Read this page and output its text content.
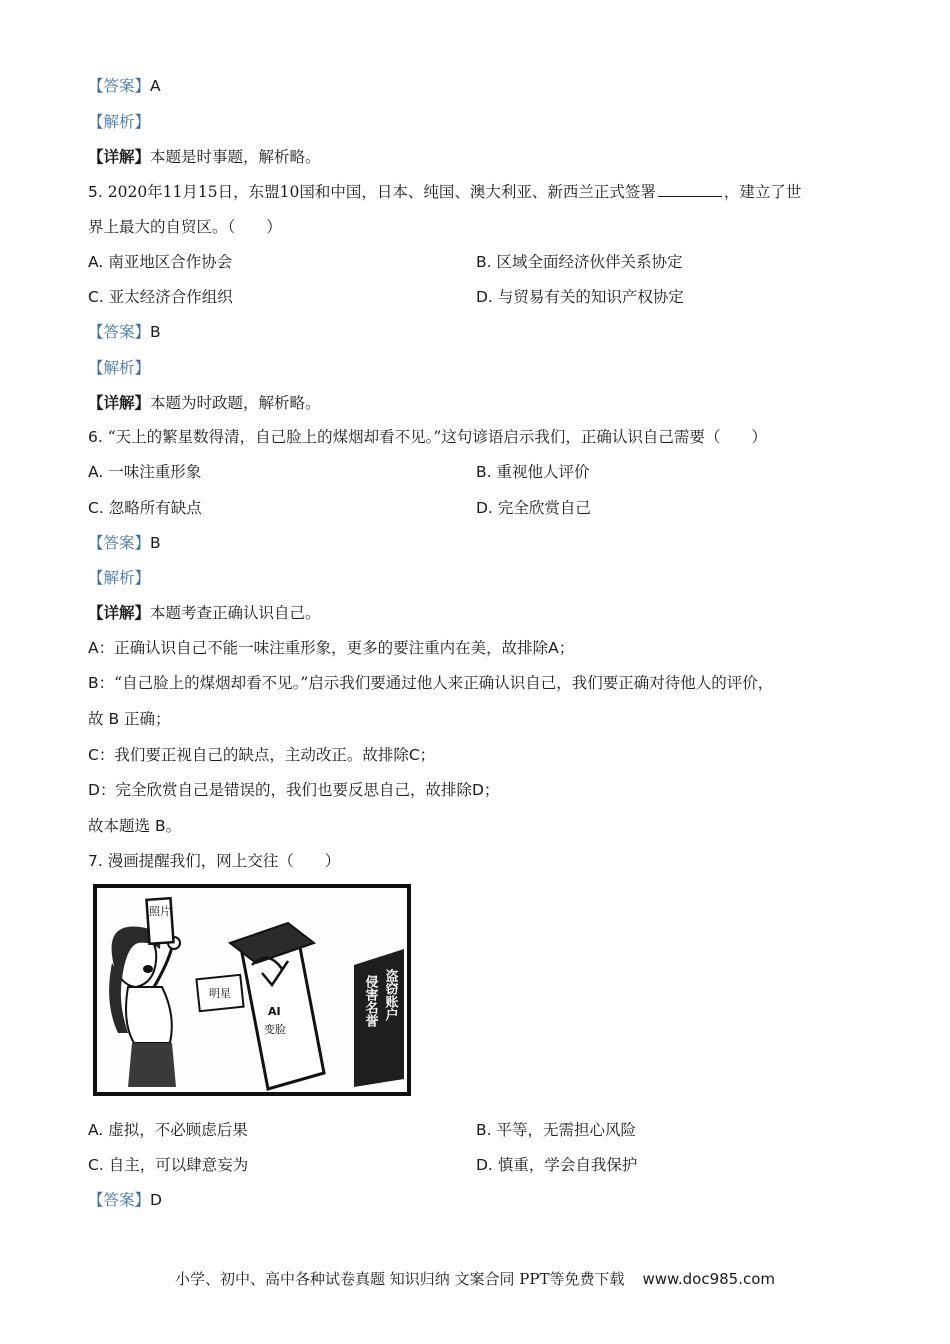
【答案】A
【解析】
【详解】本题是时事题，解析略。
5. 2020年11月15日，东盟10国和中国，日本、纯国、澳大利亚、新西兰正式签署	，建立了世
界上最大的自贸区。（　　）
A. 南亚地区合作协会	B. 区域全面经济伙伴关系协定
C. 亚太经济合作组织	D. 与贸易有关的知识产权协定
【答案】B
【解析】
【详解】本题为时政题，解析略。
6. “天上的繁星数得清，自己脸上的煤烟却看不见。”这句谚语启示我们，正确认识自己需要（　　）
A. 一味注重形象	B. 重视他人评价
C. 忽略所有缺点	D. 完全欣赏自己
【答案】B
【解析】
【详解】本题考查正确认识自己。
A：正确认识自己不能一味注重形象，更多的要注重内在美，故排除A；
B：“自己脸上的煤烟却看不见。”启示我们要通过他人来正确认识自己，我们要正确对待他人的评价，
故 B 正确；
C：我们要正视自己的缺点，主动改正。故排除C；
D：完全欣赏自己是错误的，我们也要反思自己，故排除D；
故本题选 B。
7. 漫画提醒我们，网上交往（　　）
照片
明星
AI
变脸
盗窃账户
侵害名誉
A. 虚拟，不必顾虑后果	B. 平等，无需担心风险
C. 自主，可以肆意妄为	D. 慎重，学会自我保护
【答案】D
小学、初中、高中各种试卷真题 知识归纳 文案合同 PPT等免费下载 www.doc985.com
